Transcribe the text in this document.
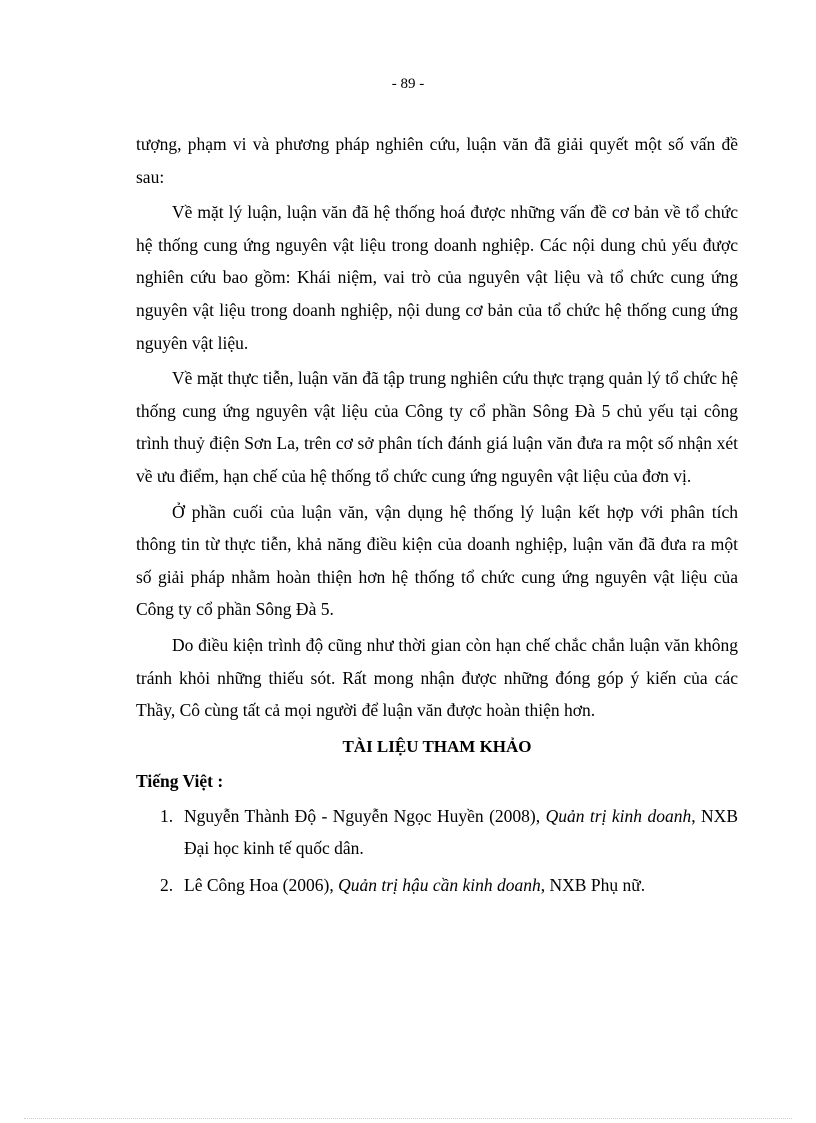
- 89 -

tượng, phạm vi và phương pháp nghiên cứu, luận văn đã giải quyết một số vấn đề sau:

Về mặt lý luận, luận văn đã hệ thống hoá được những vấn đề cơ bản về tổ chức hệ thống cung ứng nguyên vật liệu trong doanh nghiệp. Các nội dung chủ yếu được nghiên cứu bao gồm: Khái niệm, vai trò của nguyên vật liệu và tổ chức cung ứng nguyên vật liệu trong doanh nghiệp, nội dung cơ bản của tổ chức hệ thống cung ứng nguyên vật liệu.

Về mặt thực tiễn, luận văn đã tập trung nghiên cứu thực trạng quản lý tổ chức hệ thống cung ứng nguyên vật liệu của Công ty cổ phần Sông Đà 5 chủ yếu tại công trình thuỷ điện Sơn La, trên cơ sở phân tích đánh giá luận văn đưa ra một số nhận xét về ưu điểm, hạn chế của hệ thống tổ chức cung ứng nguyên vật liệu của đơn vị.

Ở phần cuối của luận văn, vận dụng hệ thống lý luận kết hợp với phân tích thông tin từ thực tiễn, khả năng điều kiện của doanh nghiệp, luận văn đã đưa ra một số giải pháp nhằm hoàn thiện hơn hệ thống tổ chức cung ứng nguyên vật liệu của Công ty cổ phần Sông Đà 5.

Do điều kiện trình độ cũng như thời gian còn hạn chế chắc chắn luận văn không tránh khỏi những thiếu sót. Rất mong nhận được những đóng góp ý kiến của các Thầy, Cô cùng tất cả mọi người để luận văn được hoàn thiện hơn.

TÀI LIỆU THAM KHẢO
Tiếng Việt :
1. Nguyễn Thành Độ - Nguyễn Ngọc Huyền (2008), Quản trị kinh doanh, NXB Đại học kinh tế quốc dân.
2. Lê Công Hoa (2006), Quản trị hậu cần kinh doanh, NXB Phụ nữ.
